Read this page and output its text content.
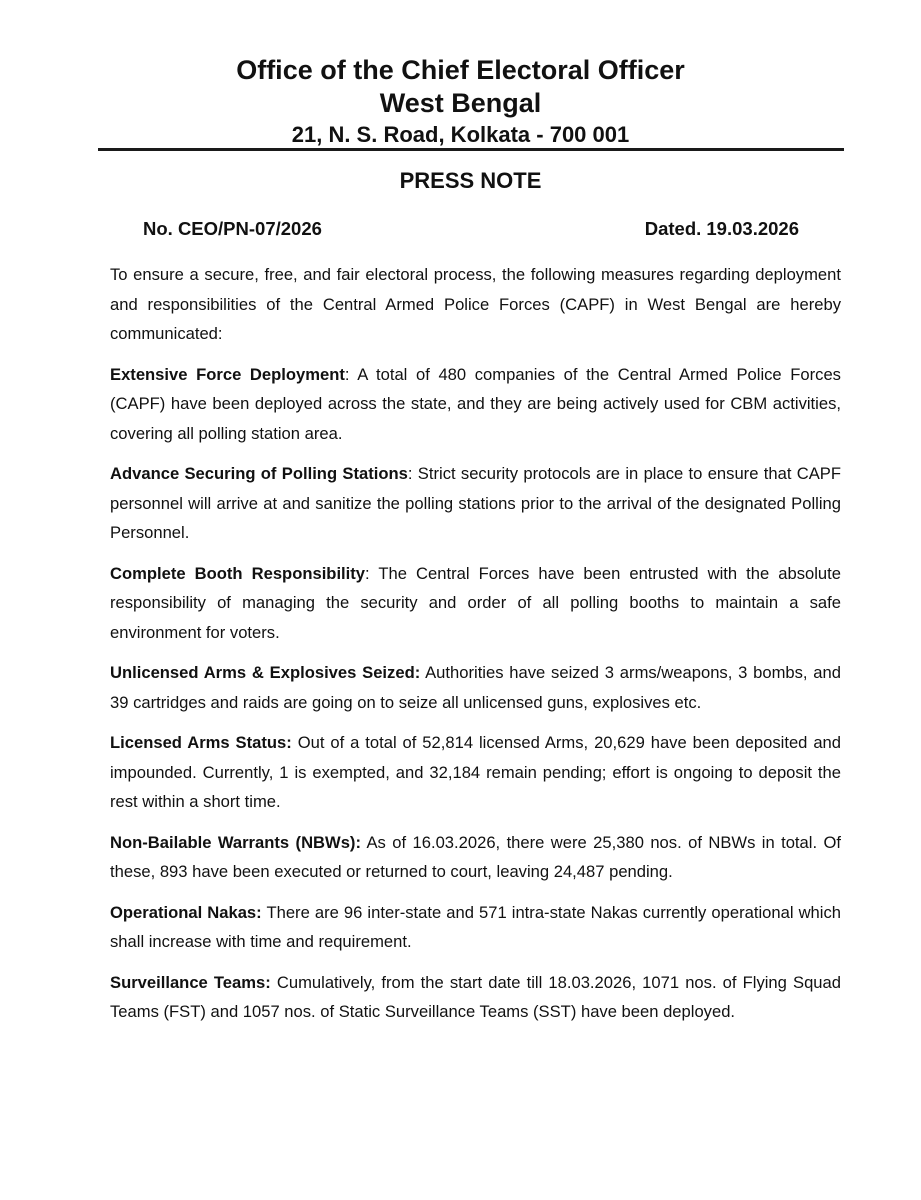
Office of the Chief Electoral Officer
West Bengal
21, N. S. Road, Kolkata - 700 001
PRESS NOTE
No. CEO/PN-07/2026	Dated. 19.03.2026

To ensure a secure, free, and fair electoral process, the following measures regarding deployment and responsibilities of the Central Armed Police Forces (CAPF) in West Bengal are hereby communicated:

Extensive Force Deployment: A total of 480 companies of the Central Armed Police Forces (CAPF) have been deployed across the state, and they are being actively used for CBM activities, covering all polling station area.

Advance Securing of Polling Stations: Strict security protocols are in place to ensure that CAPF personnel will arrive at and sanitize the polling stations prior to the arrival of the designated Polling Personnel.

Complete Booth Responsibility: The Central Forces have been entrusted with the absolute responsibility of managing the security and order of all polling booths to maintain a safe environment for voters.

Unlicensed Arms & Explosives Seized: Authorities have seized 3 arms/weapons, 3 bombs, and 39 cartridges and raids are going on to seize all unlicensed guns, explosives etc.

Licensed Arms Status: Out of a total of 52,814 licensed Arms, 20,629 have been deposited and impounded. Currently, 1 is exempted, and 32,184 remain pending; effort is ongoing to deposit the rest within a short time.

Non-Bailable Warrants (NBWs): As of 16.03.2026, there were 25,380 nos. of NBWs in total. Of these, 893 have been executed or returned to court, leaving 24,487 pending.

Operational Nakas: There are 96 inter-state and 571 intra-state Nakas currently operational which shall increase with time and requirement.

Surveillance Teams: Cumulatively, from the start date till 18.03.2026, 1071 nos. of Flying Squad Teams (FST) and 1057 nos. of Static Surveillance Teams (SST) have been deployed.
